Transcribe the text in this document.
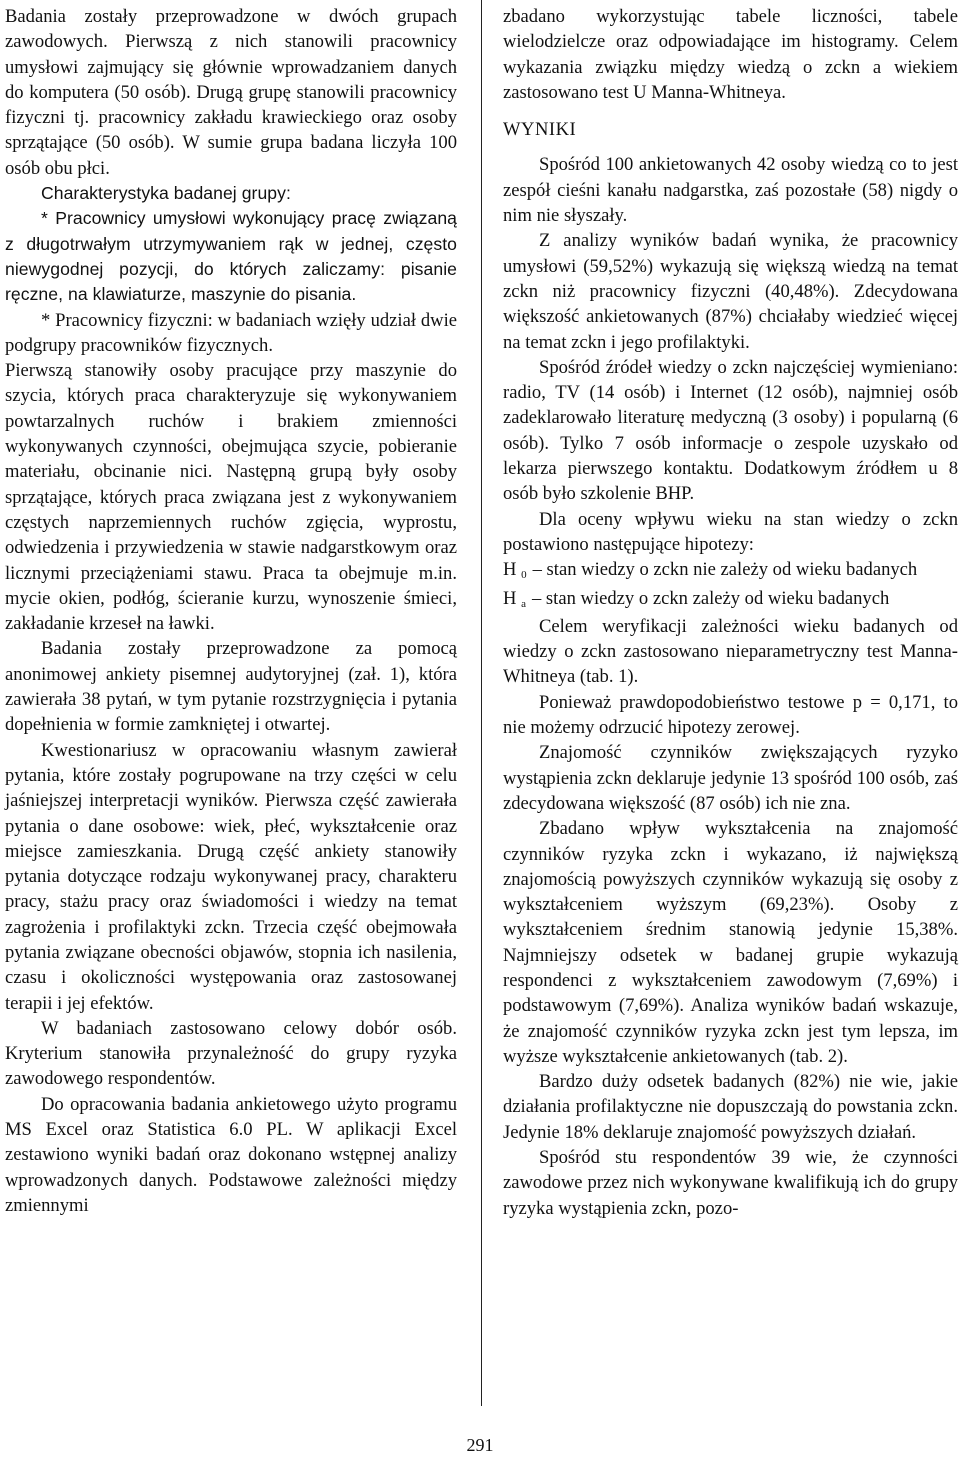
Badania zostały przeprowadzone w dwóch grupach zawodowych. Pierwszą z nich stanowili pracownicy umysłowi zajmujący się głównie wprowadzaniem danych do komputera (50 osób). Drugą grupę stanowili pracownicy fizyczni tj. pracownicy zakładu krawieckiego oraz osoby sprzątające (50 osób). W sumie grupa badana liczyła 100 osób obu płci.

Charakterystyka badanej grupy:

* Pracownicy umysłowi wykonujący pracę związaną z długotrwałym utrzymywaniem rąk w jednej, często niewygodnej pozycji, do których zaliczamy: pisanie ręczne, na klawiaturze, maszynie do pisania.

* Pracownicy fizyczni: w badaniach wzięły udział dwie podgrupy pracowników fizycznych.

Pierwszą stanowiły osoby pracujące przy maszynie do szycia, których praca charakteryzuje się wykonywaniem powtarzalnych ruchów i brakiem zmienności wykonywanych czynności, obejmująca szycie, pobieranie materiału, obcinanie nici. Następną grupą były osoby sprzątające, których praca związana jest z wykonywaniem częstych naprzemiennych ruchów zgięcia, wyprostu, odwiedzenia i przywiedzenia w stawie nadgarstkowym oraz licznymi przeciążeniami stawu. Praca ta obejmuje m.in. mycie okien, podłóg, ścieranie kurzu, wynoszenie śmieci, zakładanie krzeseł na ławki.

Badania zostały przeprowadzone za pomocą anonimowej ankiety pisemnej audytoryjnej (zał. 1), która zawierała 38 pytań, w tym pytanie rozstrzygnięcia i pytania dopełnienia w formie zamkniętej i otwartej.

Kwestionariusz w opracowaniu własnym zawierał pytania, które zostały pogrupowane na trzy części w celu jaśniejszej interpretacji wyników. Pierwsza część zawierała pytania o dane osobowe: wiek, płeć, wykształcenie oraz miejsce zamieszkania. Drugą część ankiety stanowiły pytania dotyczące rodzaju wykonywanej pracy, charakteru pracy, stażu pracy oraz świadomości i wiedzy na temat zagrożenia i profilaktyki zckn. Trzecia część obejmowała pytania związane obecności objawów, stopnia ich nasilenia, czasu i okoliczności występowania oraz zastosowanej terapii i jej efektów.

W badaniach zastosowano celowy dobór osób. Kryterium stanowiła przynależność do grupy ryzyka zawodowego respondentów.

Do opracowania badania ankietowego użyto programu MS Excel oraz Statistica 6.0 PL. W aplikacji Excel zestawiono wyniki badań oraz dokonano wstępnej analizy wprowadzonych danych. Podstawowe zależności między zmiennymi

zbadano wykorzystując tabele liczności, tabele wielodzielcze oraz odpowiadające im histogramy. Celem wykazania związku między wiedzą o zckn a wiekiem zastosowano test U Manna-Whitneya.

WYNIKI

Spośród 100 ankietowanych 42 osoby wiedzą co to jest zespół cieśni kanału nadgarstka, zaś pozostałe (58) nigdy o nim nie słyszały.

Z analizy wyników badań wynika, że pracownicy umysłowi (59,52%) wykazują się większą wiedzą na temat zckn niż pracownicy fizyczni (40,48%). Zdecydowana większość ankietowanych (87%) chciałaby wiedzieć więcej na temat zckn i jego profilaktyki.

Spośród źródeł wiedzy o zckn najczęściej wymieniano: radio, TV (14 osób) i Internet (12 osób), najmniej osób zadeklarowało literaturę medyczną (3 osoby) i popularną (6 osób). Tylko 7 osób informacje o zespole uzyskało od lekarza pierwszego kontaktu. Dodatkowym źródłem u 8 osób było szkolenie BHP.

Dla oceny wpływu wieku na stan wiedzy o zckn postawiono następujące hipotezy:

H $_0$ – stan wiedzy o zckn nie zależy od wieku badanych
H $_a$ – stan wiedzy o zckn zależy od wieku badanych

Celem weryfikacji zależności wieku badanych od wiedzy o zckn zastosowano nieparametryczny test Manna-Whitneya (tab. 1).

Ponieważ prawdopodobieństwo testowe p = 0,171, to nie możemy odrzucić hipotezy zerowej.

Znajomość czynników zwiększających ryzyko wystąpienia zckn deklaruje jedynie 13 spośród 100 osób, zaś zdecydowana większość (87 osób) ich nie zna.

Zbadano wpływ wykształcenia na znajomość czynników ryzyka zckn i wykazano, iż największą znajomością powyższych czynników wykazują się osoby z wykształceniem wyższym (69,23%). Osoby z wykształceniem średnim stanowią jedynie 15,38%. Najmniejszy odsetek w badanej grupie wykazują respondenci z wykształceniem zawodowym (7,69%) i podstawowym (7,69%). Analiza wyników badań wskazuje, że znajomość czynników ryzyka zckn jest tym lepsza, im wyższe wykształcenie ankietowanych (tab. 2).

Bardzo duży odsetek badanych (82%) nie wie, jakie działania profilaktyczne nie dopuszczają do powstania zckn. Jedynie 18% deklaruje znajomość powyższych działań.

Spośród stu respondentów 39 wie, że czynności zawodowe przez nich wykonywane kwalifikują ich do grupy ryzyka wystąpienia zckn, pozo-

291
